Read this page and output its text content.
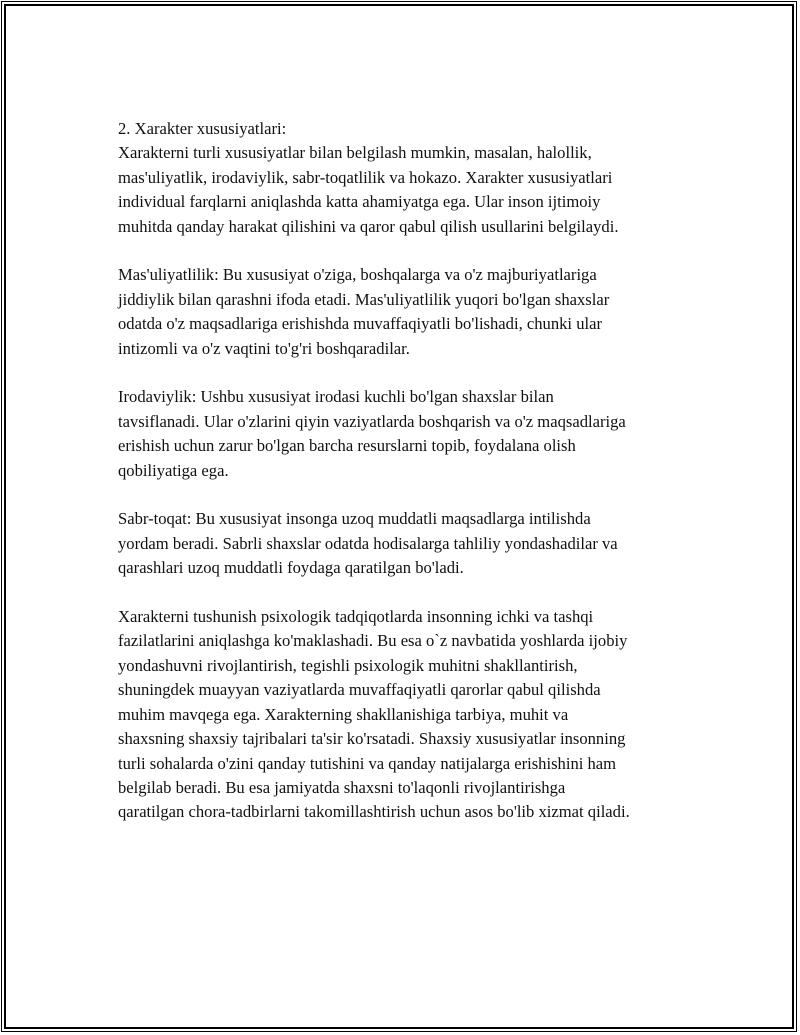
2. Xarakter xususiyatlari:
Xarakterni turli xususiyatlar bilan belgilash mumkin, masalan, halollik,
mas'uliyatlik, irodaviylik, sabr-toqatlilik va hokazo. Xarakter xususiyatlari
individual farqlarni aniqlashda katta ahamiyatga ega. Ular inson ijtimoiy
muhitda qanday harakat qilishini va qaror qabul qilish usullarini belgilaydi.

Mas'uliyatlilik: Bu xususiyat o'ziga, boshqalarga va o'z majburiyatlariga
jiddiylik bilan qarashni ifoda etadi. Mas'uliyatlilik yuqori bo'lgan shaxslar
odatda o'z maqsadlariga erishishda muvaffaqiyatli bo'lishadi, chunki ular
intizomli va o'z vaqtini to'g'ri boshqaradilar.

Irodaviylik: Ushbu xususiyat irodasi kuchli bo'lgan shaxslar bilan
tavsiflanadi. Ular o'zlarini qiyin vaziyatlarda boshqarish va o'z maqsadlariga
erishish uchun zarur bo'lgan barcha resurslarni topib, foydalana olish
qobiliyatiga ega.

Sabr-toqat: Bu xususiyat insonga uzoq muddatli maqsadlarga intilishda
yordam beradi. Sabrli shaxslar odatda hodisalarga tahliliy yondashadilar va
qarashlari uzoq muddatli foydaga qaratilgan bo'ladi.

Xarakterni tushunish psixologik tadqiqotlarda insonning ichki va tashqi
fazilatlarini aniqlashga ko'maklashadi. Bu esa o`z navbatida yoshlarda ijobiy
yondashuvni rivojlantirish, tegishli psixologik muhitni shakllantirish,
shuningdek muayyan vaziyatlarda muvaffaqiyatli qarorlar qabul qilishda
muhim mavqega ega. Xarakterning shakllanishiga tarbiya, muhit va
shaxsning shaxsiy tajribalari ta'sir ko'rsatadi. Shaxsiy xususiyatlar insonning
turli sohalarda o'zini qanday tutishini va qanday natijalarga erishishini ham
belgilab beradi. Bu esa jamiyatda shaxsni to'laqonli rivojlantirishga
qaratilgan chora-tadbirlarni takomillashtirish uchun asos bo'lib xizmat qiladi.
